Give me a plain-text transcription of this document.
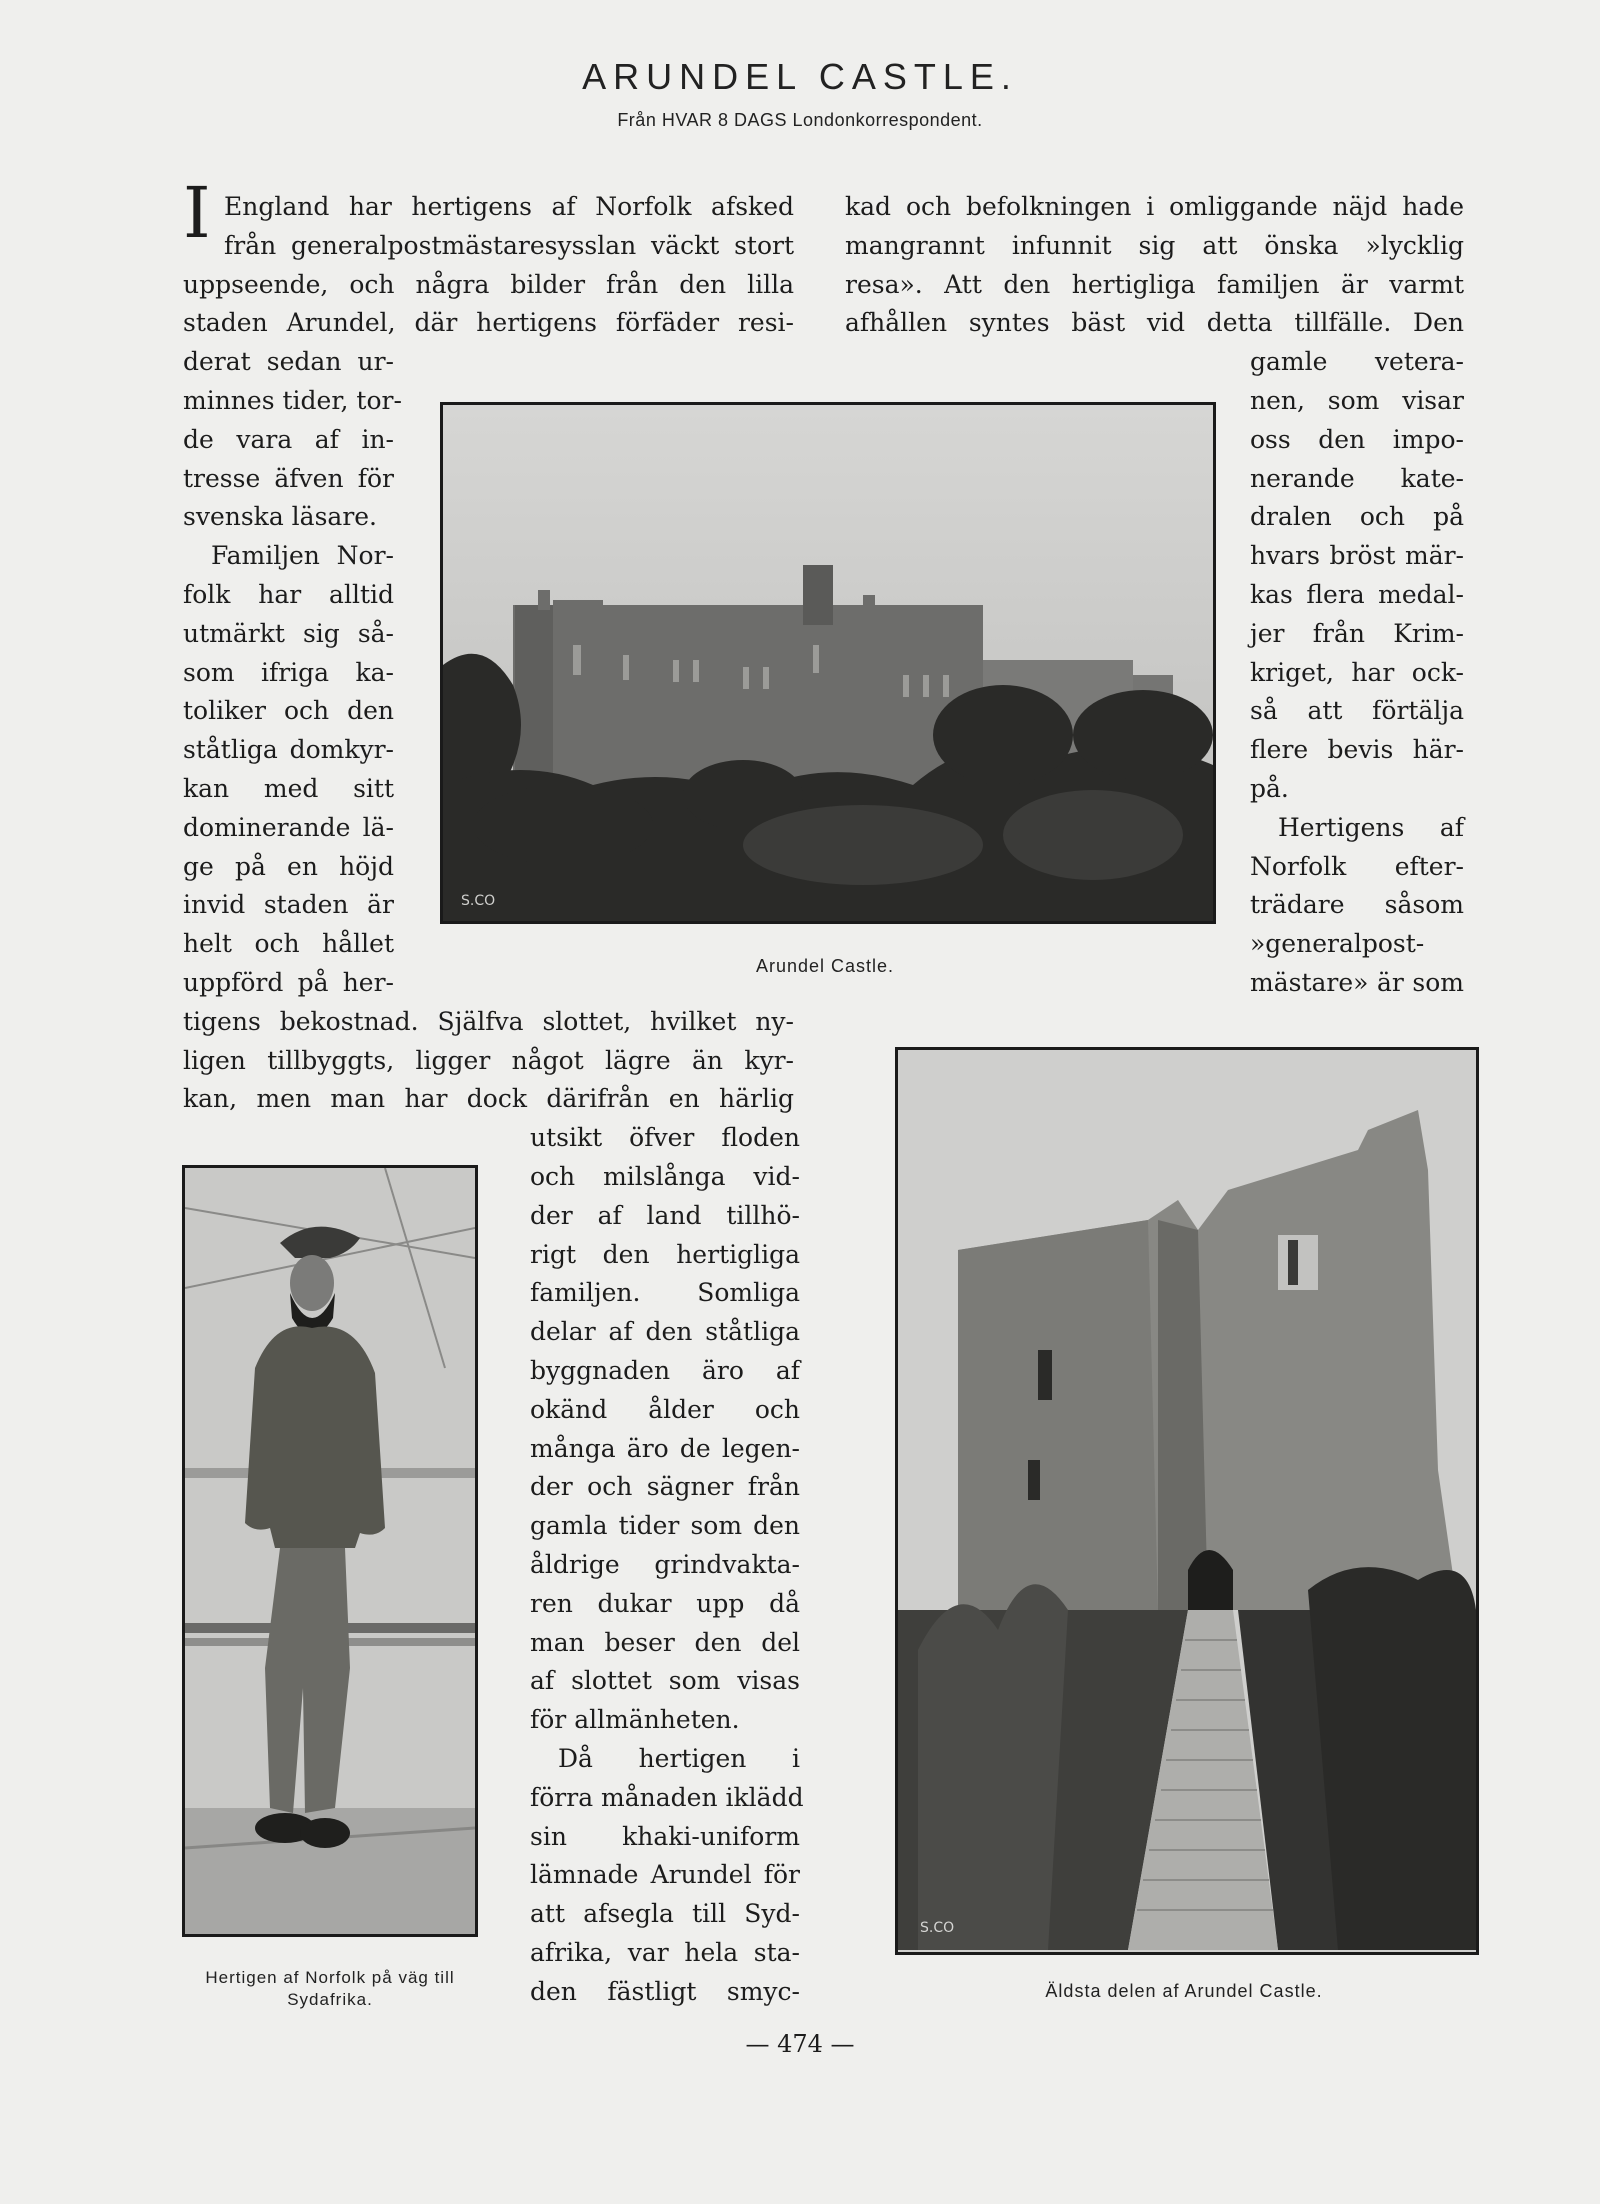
ARUNDEL CASTLE.
Från HVAR 8 DAGS Londonkorrespondent.
I England har hertigens af Norfolk afsked
från generalpostmästaresysslan väckt stort
uppseende, och några bilder från den lilla
staden Arundel, där hertigens förfäder resi-
derat sedan ur-
minnes tider, tor-
de vara af in-
tresse äfven för
svenska läsare.
Familjen Nor-
folk har alltid
utmärkt sig så-
som ifriga ka-
toliker och den
ståtliga domkyr-
kan med sitt
dominerande lä-
ge på en höjd
invid staden är
helt och hållet
uppförd på her-
tigens bekostnad. Själfva slottet, hvilket ny-
ligen tillbyggts, ligger något lägre än kyr-
kan, men man har dock därifrån en härlig
utsikt öfver floden
och milslånga vid-
der af land tillhö-
rigt den hertigliga
familjen. Somliga
delar af den ståtliga
byggnaden äro af
okänd ålder och
många äro de legen-
der och sägner från
gamla tider som den
åldrige grindvakta-
ren dukar upp då
man beser den del
af slottet som visas
för allmänheten.
Då hertigen i
förra månaden iklädd
sin khaki-uniform
lämnade Arundel för
att afsegla till Syd-
afrika, var hela sta-
den fästligt smyc-
kad och befolkningen i omliggande näjd hade
mangrannt infunnit sig att önska »lycklig
resa». Att den hertigliga familjen är varmt
afhållen syntes bäst vid detta tillfälle. Den
gamle vetera-
nen, som visar
oss den impo-
nerande kate-
dralen och på
hvars bröst mär-
kas flera medal-
jer från Krim-
kriget, har ock-
så att förtälja
flere bevis här-
på.
Hertigens af
Norfolk efter-
trädare såsom
»generalpost-
mästare» är som
S.CO
Arundel Castle.
Hertigen af Norfolk på väg till
Sydafrika.
S.CO
Äldsta delen af Arundel Castle.
— 474 —
